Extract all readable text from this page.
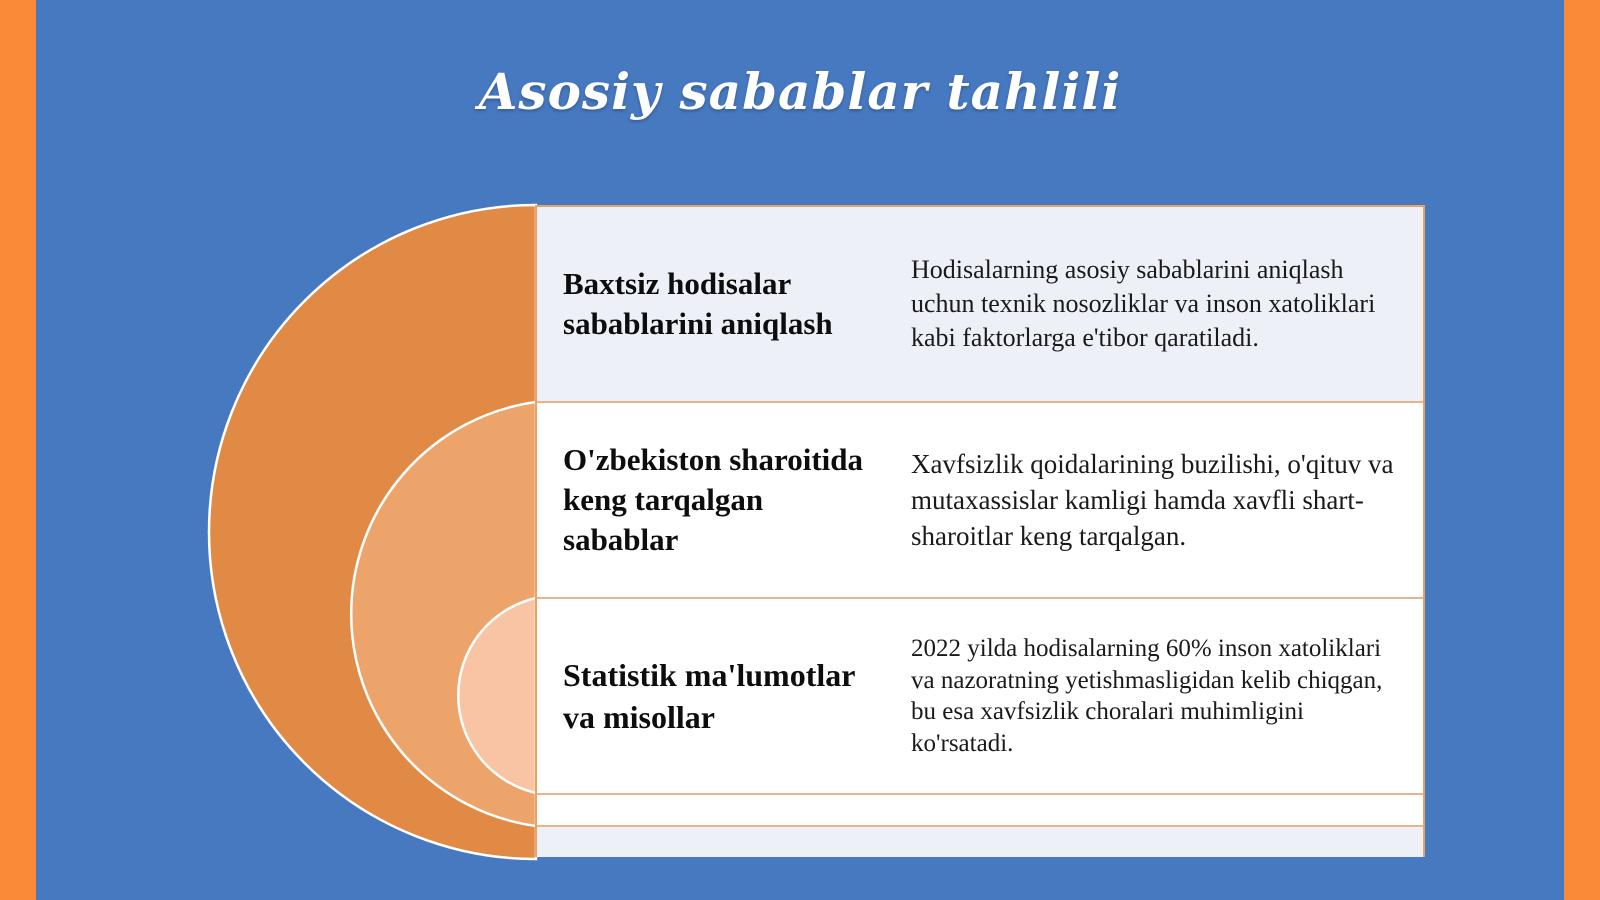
Asosiy sabablar tahlili
Baxtsiz hodisalar sabablarini aniqlash
Hodisalarning asosiy sabablarini aniqlash uchun texnik nosozliklar va inson xatoliklari kabi faktorlarga e'tibor qaratiladi.
O'zbekiston sharoitida keng tarqalgan sabablar
Xavfsizlik qoidalarining buzilishi, o'qituv va mutaxassislar kamligi hamda xavfli shart-sharoitlar keng tarqalgan.
Statistik ma'lumotlar va misollar
2022 yilda hodisalarning 60% inson xatoliklari va nazoratning yetishmasligidan kelib chiqgan, bu esa xavfsizlik choralari muhimligini ko'rsatadi.
